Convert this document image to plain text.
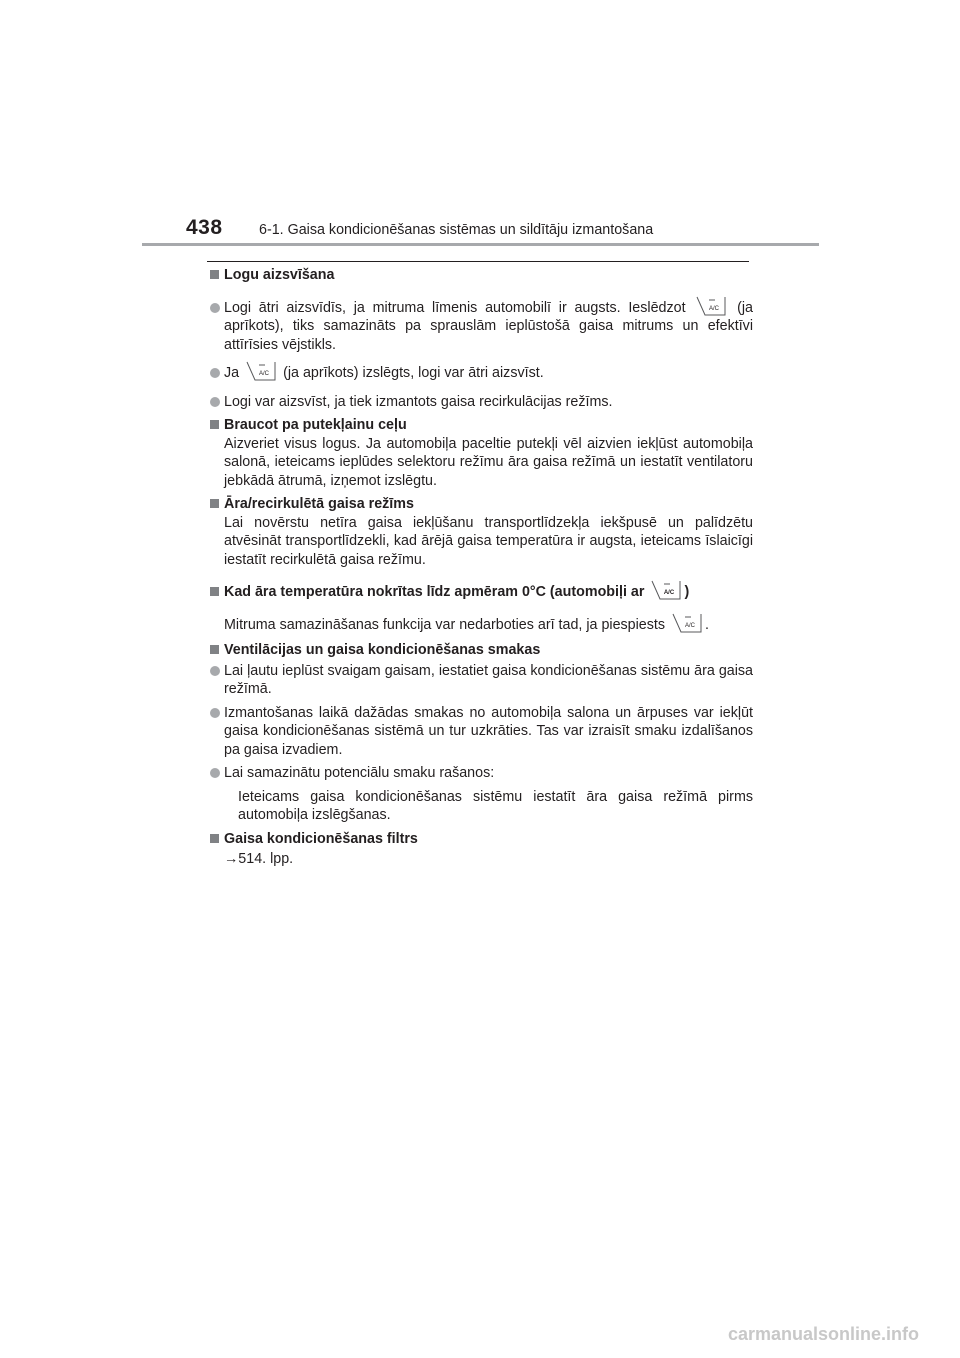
438	6-1. Gaisa kondicionēšanas sistēmas un sildītāju izmantošana
Logu aizsvīšana
Logi ātri aizsvīdīs, ja mitruma līmenis automobilī ir augsts. Ieslēdzot	A/C (ja aprīkots), tiks samazināts pa sprauslām ieplūstošā gaisa mitrums un efektīvi attīrīsies vējstikls.
Ja	A/C (ja aprīkots) izslēgts, logi var ātri aizsvīst.
Logi var aizsvīst, ja tiek izmantots gaisa recirkulācijas režīms.
Braucot pa putekļainu ceļu
Aizveriet visus logus. Ja automobiļa paceltie putekļi vēl aizvien iekļūst automobiļa salonā, ieteicams ieplūdes selektoru režīmu āra gaisa režīmā un iestatīt ventilatoru jebkādā ātrumā, izņemot izslēgtu.
Āra/recirkulētā gaisa režīms
Lai novērstu netīra gaisa iekļūšanu transportlīdzekļa iekšpusē un palīdzētu atvēsināt transportlīdzekli, kad ārējā gaisa temperatūra ir augsta, ieteicams īslaicīgi iestatīt recirkulētā gaisa režīmu.
Kad āra temperatūra nokrītas līdz apmēram 0°C (automobiļi ar	A/C )
Mitruma samazināšanas funkcija var nedarboties arī tad, ja piespiests	A/C .
Ventilācijas un gaisa kondicionēšanas smakas
Lai ļautu ieplūst svaigam gaisam, iestatiet gaisa kondicionēšanas sistēmu āra gaisa režīmā.
Izmantošanas laikā dažādas smakas no automobiļa salona un ārpuses var iekļūt gaisa kondicionēšanas sistēmā un tur uzkrāties. Tas var izraisīt smaku izdalīšanos pa gaisa izvadiem.
Lai samazinātu potenciālu smaku rašanos:
Ieteicams gaisa kondicionēšanas sistēmu iestatīt āra gaisa režīmā pirms automobiļa izslēgšanas.
Gaisa kondicionēšanas filtrs
→514. lpp.
carmanualsonline.info
